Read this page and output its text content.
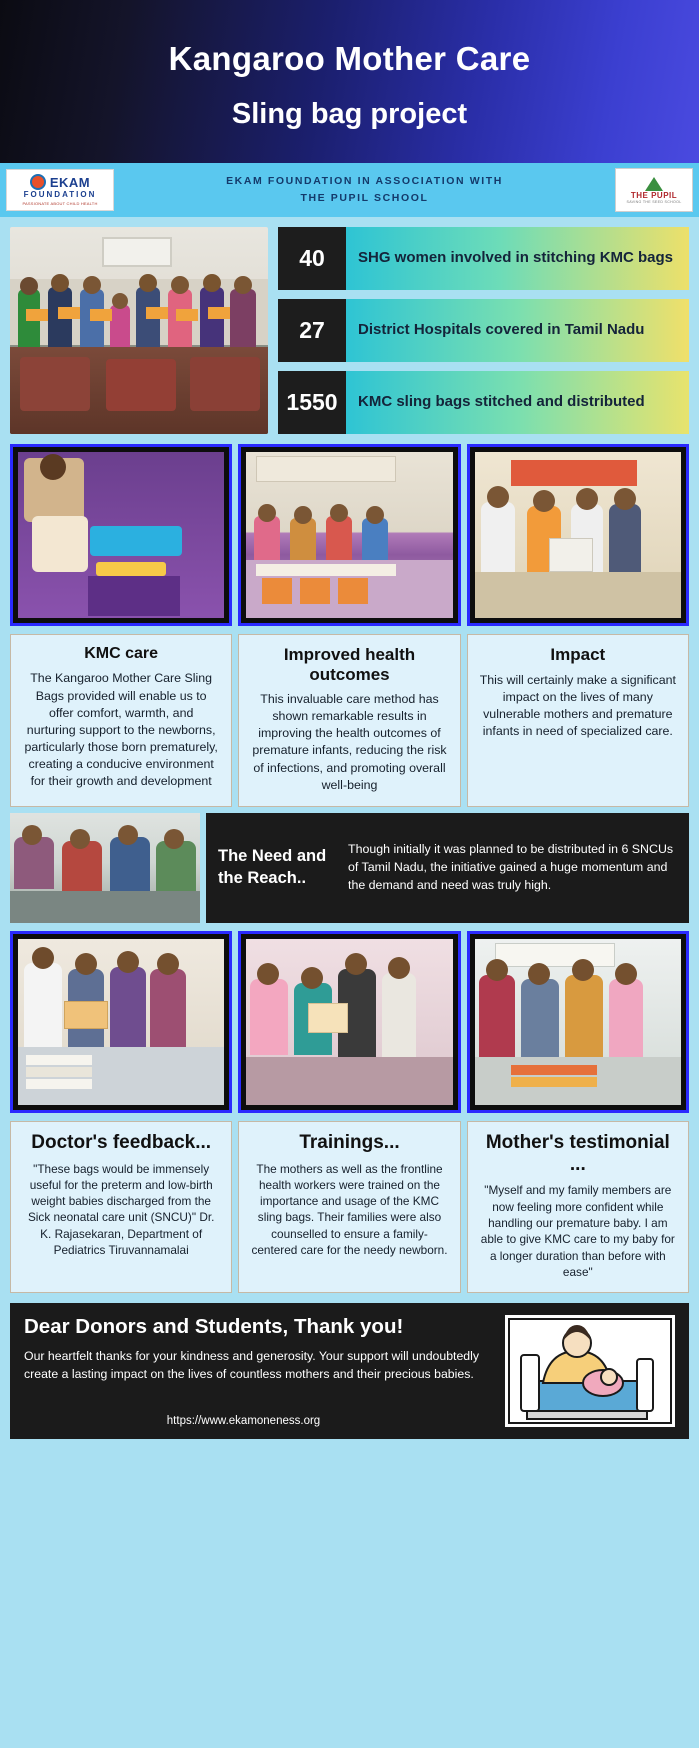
Kangaroo Mother Care
Sling bag project
EKAM
FOUNDATION
PASSIONATE ABOUT CHILD HEALTH
EKAM FOUNDATION IN ASSOCIATION WITH
THE PUPIL SCHOOL	THE PUPIL
SAVING THE SEED SCHOOL
40	SHG women involved in stitching KMC bags
27	District Hospitals covered in Tamil Nadu
1550	KMC sling bags stitched and distributed
KMC care

The Kangaroo Mother Care Sling Bags provided will enable us to offer comfort, warmth, and nurturing support to the newborns, particularly those born prematurely, creating a conducive environment for their growth and development

Improved health outcomes

This invaluable care method has shown remarkable results in improving the health outcomes of premature infants, reducing the risk of infections, and promoting overall well-being

Impact

This will certainly make a significant impact on the lives of many vulnerable mothers and premature infants in need of specialized care.

The Need and the Reach..
Though initially it was planned to be distributed in 6 SNCUs of Tamil Nadu, the initiative gained a huge momentum and the demand and need was truly high.
Doctor's feedback...

"These bags would be immensely useful for the preterm and low-birth weight babies discharged from the Sick neonatal care unit (SNCU)" Dr. K. Rajasekaran, Department of Pediatrics Tiruvannamalai

Trainings...

The mothers as well as the frontline health workers were trained on the importance and usage of the KMC sling bags. Their families were also counselled to ensure a family-centered care for the needy newborn.

Mother's testimonial ...

"Myself and my family members are now feeling more confident while handling our premature baby. I am able to give KMC care to my baby for a longer duration than before with ease"

Dear Donors and Students, Thank you!

Our heartfelt thanks for your kindness and generosity. Your support will undoubtedly create a lasting impact on the lives of countless mothers and their precious babies.

https://www.ekamoneness.org
